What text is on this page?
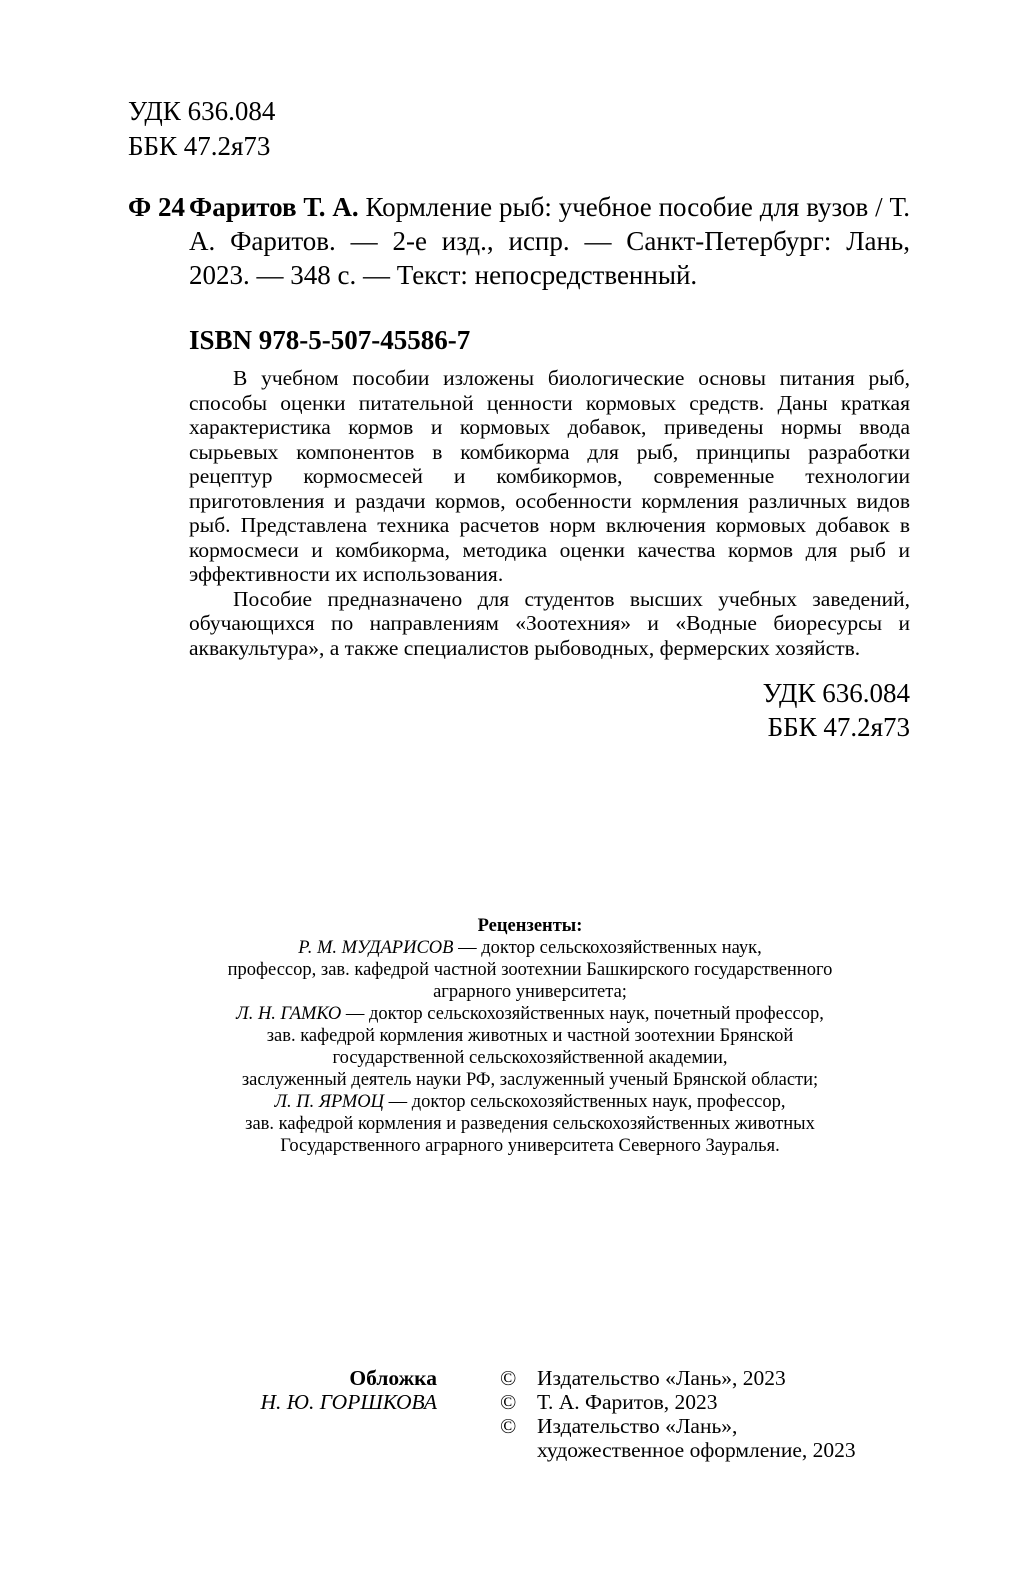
УДК 636.084
ББК 47.2я73
Ф 24 Фаритов Т. А. Кормление рыб: учебное пособие для вузов / Т. А. Фаритов. — 2-е изд., испр. — Санкт-Петербург: Лань, 2023. — 348 с. — Текст: непосредственный.
ISBN 978-5-507-45586-7

В учебном пособии изложены биологические основы питания рыб, способы оценки питательной ценности кормовых средств. Даны краткая характеристика кормов и кормовых добавок, приведены нормы ввода сырьевых компонентов в комбикорма для рыб, принципы разработки рецептур кормосмесей и комбикормов, современные технологии приготовления и раздачи кормов, особенности кормления различных видов рыб. Представлена техника расчетов норм включения кормовых добавок в кормосмеси и комбикорма, методика оценки качества кормов для рыб и эффективности их использования.

Пособие предназначено для студентов высших учебных заведений, обучающихся по направлениям «Зоотехния» и «Водные биоресурсы и аквакультура», а также специалистов рыбоводных, фермерских хозяйств.

УДК 636.084
ББК 47.2я73
Рецензенты:
Р. М. МУДАРИСОВ — доктор сельскохозяйственных наук,
профессор, зав. кафедрой частной зоотехнии Башкирского государственного
аграрного университета;
Л. Н. ГАМКО — доктор сельскохозяйственных наук, почетный профессор,
зав. кафедрой кормления животных и частной зоотехнии Брянской
государственной сельскохозяйственной академии,
заслуженный деятель науки РФ, заслуженный ученый Брянской области;
Л. П. ЯРМОЦ — доктор сельскохозяйственных наук, профессор,
зав. кафедрой кормления и разведения сельскохозяйственных животных
Государственного аграрного университета Северного Зауралья.
Обложка
Н. Ю. ГОРШКОВА
© Издательство «Лань», 2023
© Т. А. Фаритов, 2023
© Издательство «Лань»,
художественное оформление, 2023
